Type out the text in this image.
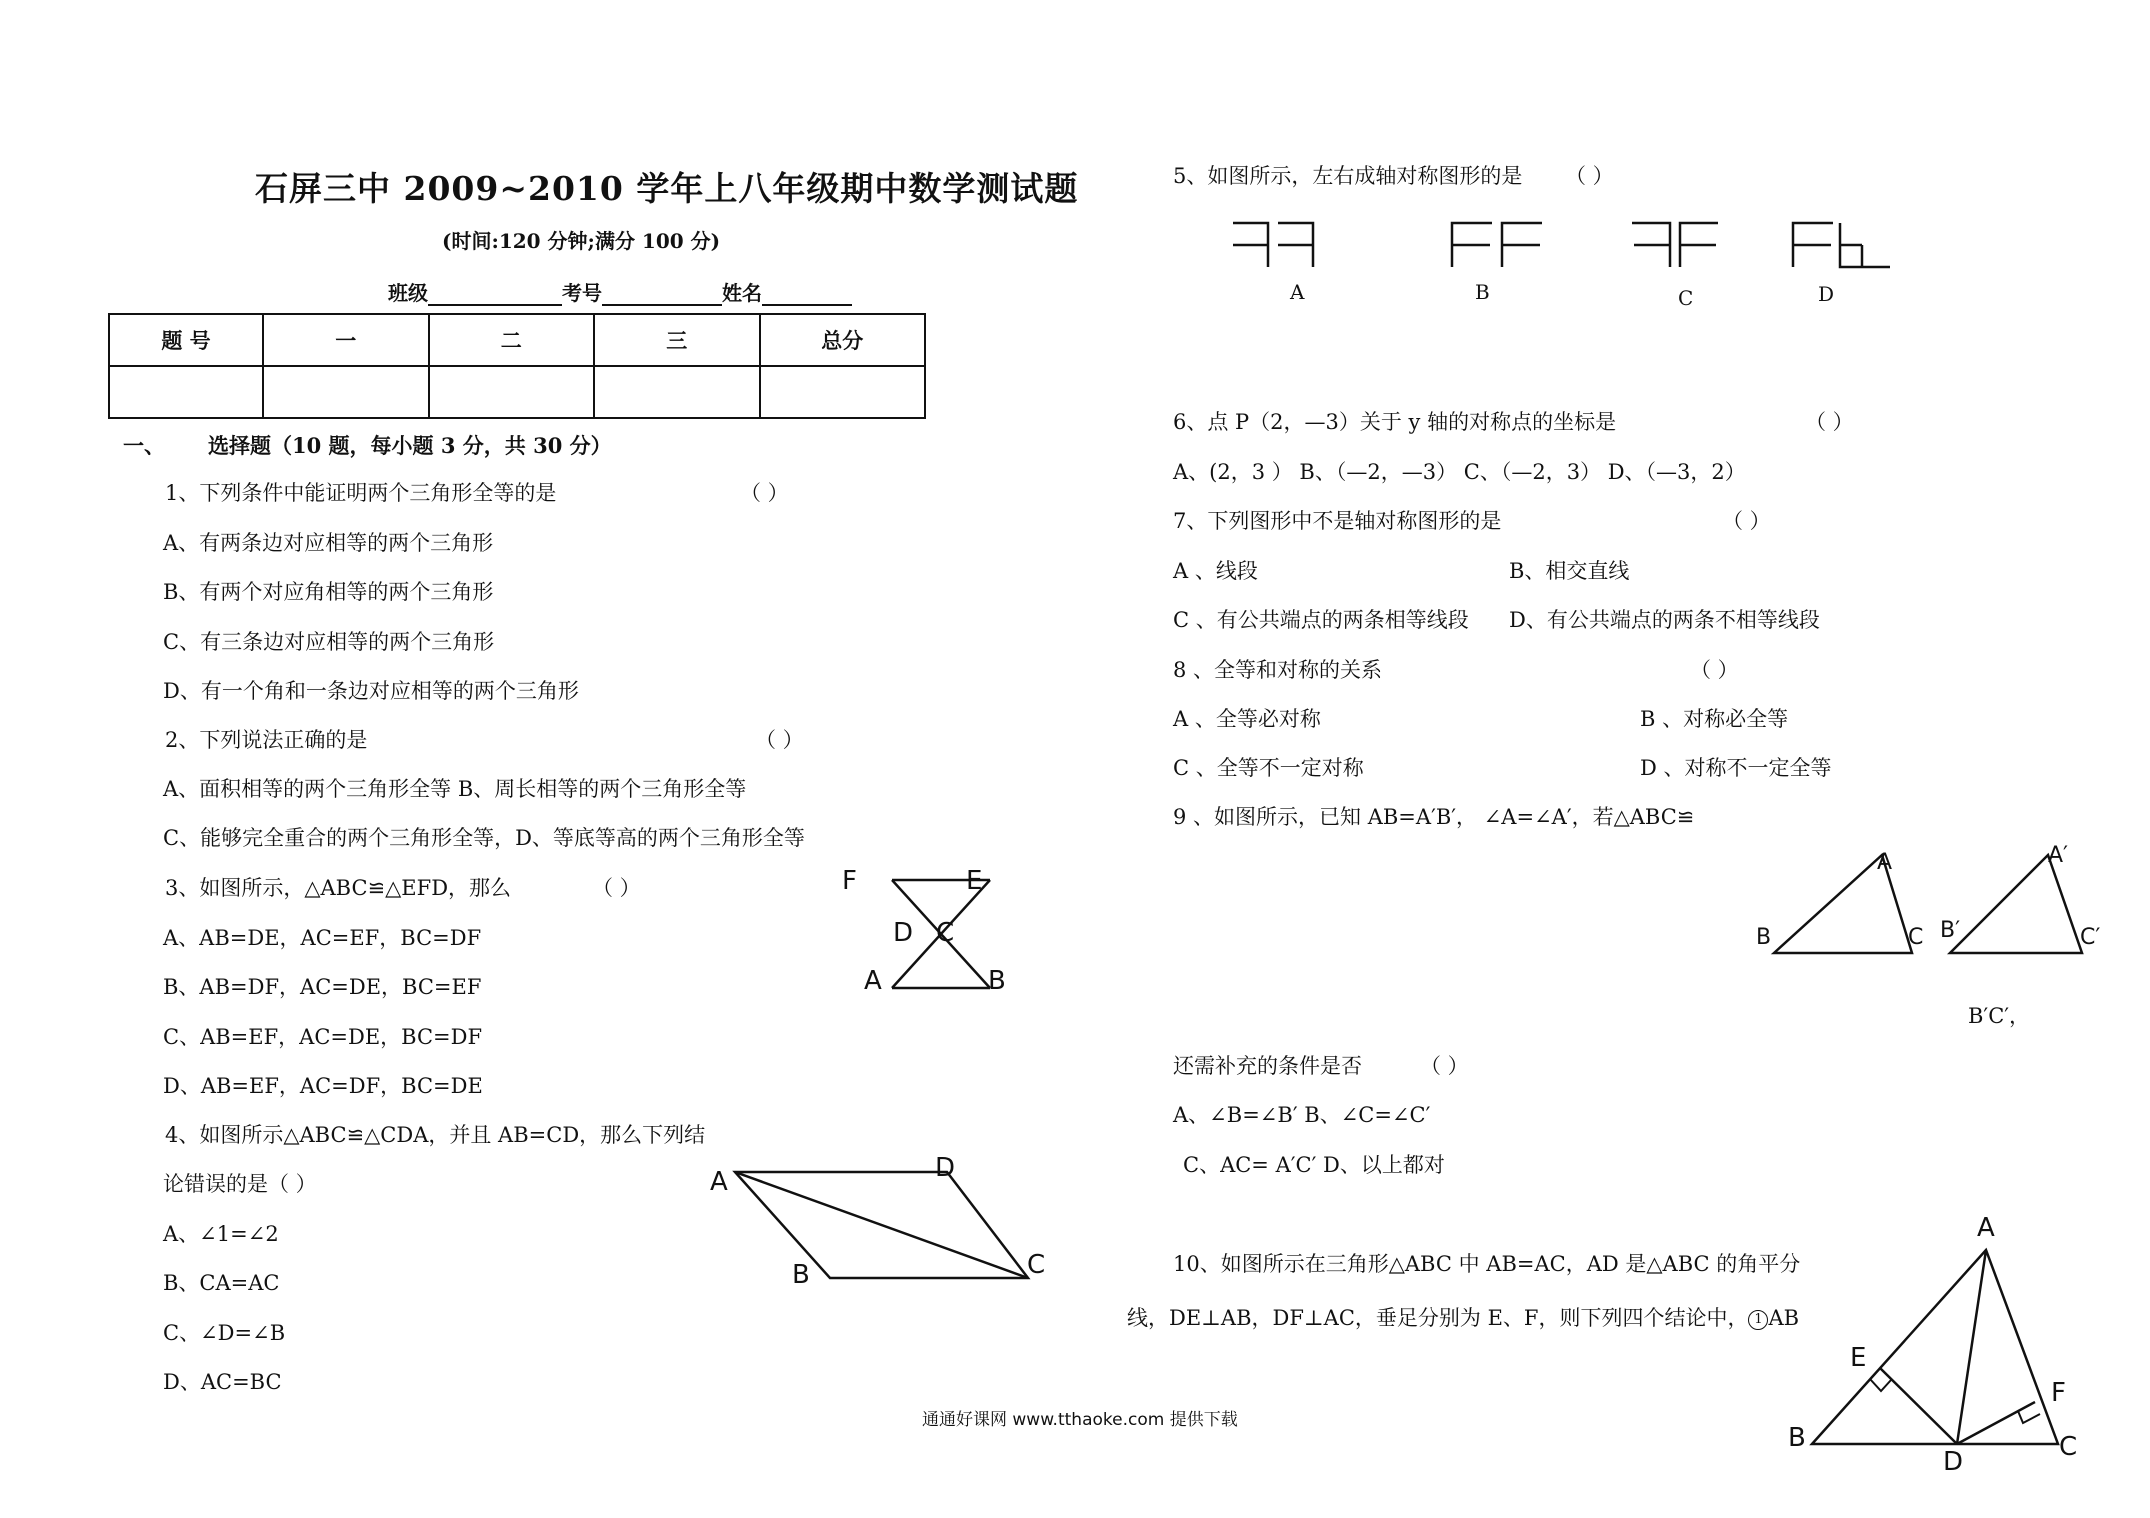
石屏三中 2009~2010 学年上八年级期中数学测试题
(时间:120 分钟;满分 100 分)
班级	考号	姓名
题 号	一	二	三	总分

一、 选择题（10 题，每小题 3 分，共 30 分）
1、下列条件中能证明两个三角形全等的是	（ ）
A、有两条边对应相等的两个三角形
B、有两个对应角相等的两个三角形
C、有三条边对应相等的两个三角形
D、有一个角和一条边对应相等的两个三角形
2、下列说法正确的是	（ ）
A、面积相等的两个三角形全等 B、周长相等的两个三角形全等
C、能够完全重合的两个三角形全等，D、等底等高的两个三角形全等
3、如图所示，△ABC≌△EFD，那么	（ ）
A、AB=DE，AC=EF，BC=DF
B、AB=DF，AC=DE，BC=EF
C、AB=EF，AC=DE，BC=DF
D、AB=EF，AC=DF，BC=DE
F	E
D C
A	B
4、如图所示△ABC≌△CDA，并且 AB=CD，那么下列结
论错误的是（ ）
A、∠1=∠2
B、CA=AC
C、∠D=∠B
D、AC=BC
A	D
B	C
5、如图所示，左右成轴对称图形的是 （ ）
A	B	C	D
6、点 P（2，—3）关于 y 轴的对称点的坐标是	（ ）
A、(2，3 ） B、（—2，—3） C、（—2，3） D、（—3，2）
7、下列图形中不是轴对称图形的是	（ ）
A 、线段	B、相交直线
C 、有公共端点的两条相等线段 D、有公共端点的两条不相等线段
8 、全等和对称的关系	（ ）
A 、全等必对称	B 、对称必全等
C 、全等不一定对称	D 、对称不一定全等
9 、如图所示，已知 AB=A′B′， ∠A=∠A′，若△ABC≌
A
B	C
A′
B′	C′
B′C′，
还需补充的条件是否	（ ）
A、∠B=∠B′ B、∠C=∠C′
C、AC= A′C′ D、以上都对
10、如图所示在三角形△ABC 中 AB=AC，AD 是△ABC 的角平分
线，DE⊥AB，DF⊥AC，垂足分别为 E、F，则下列四个结论中， 1 AB
A
E
F
B
D	C
通通好课网 www.tthaoke.com 提供下载
